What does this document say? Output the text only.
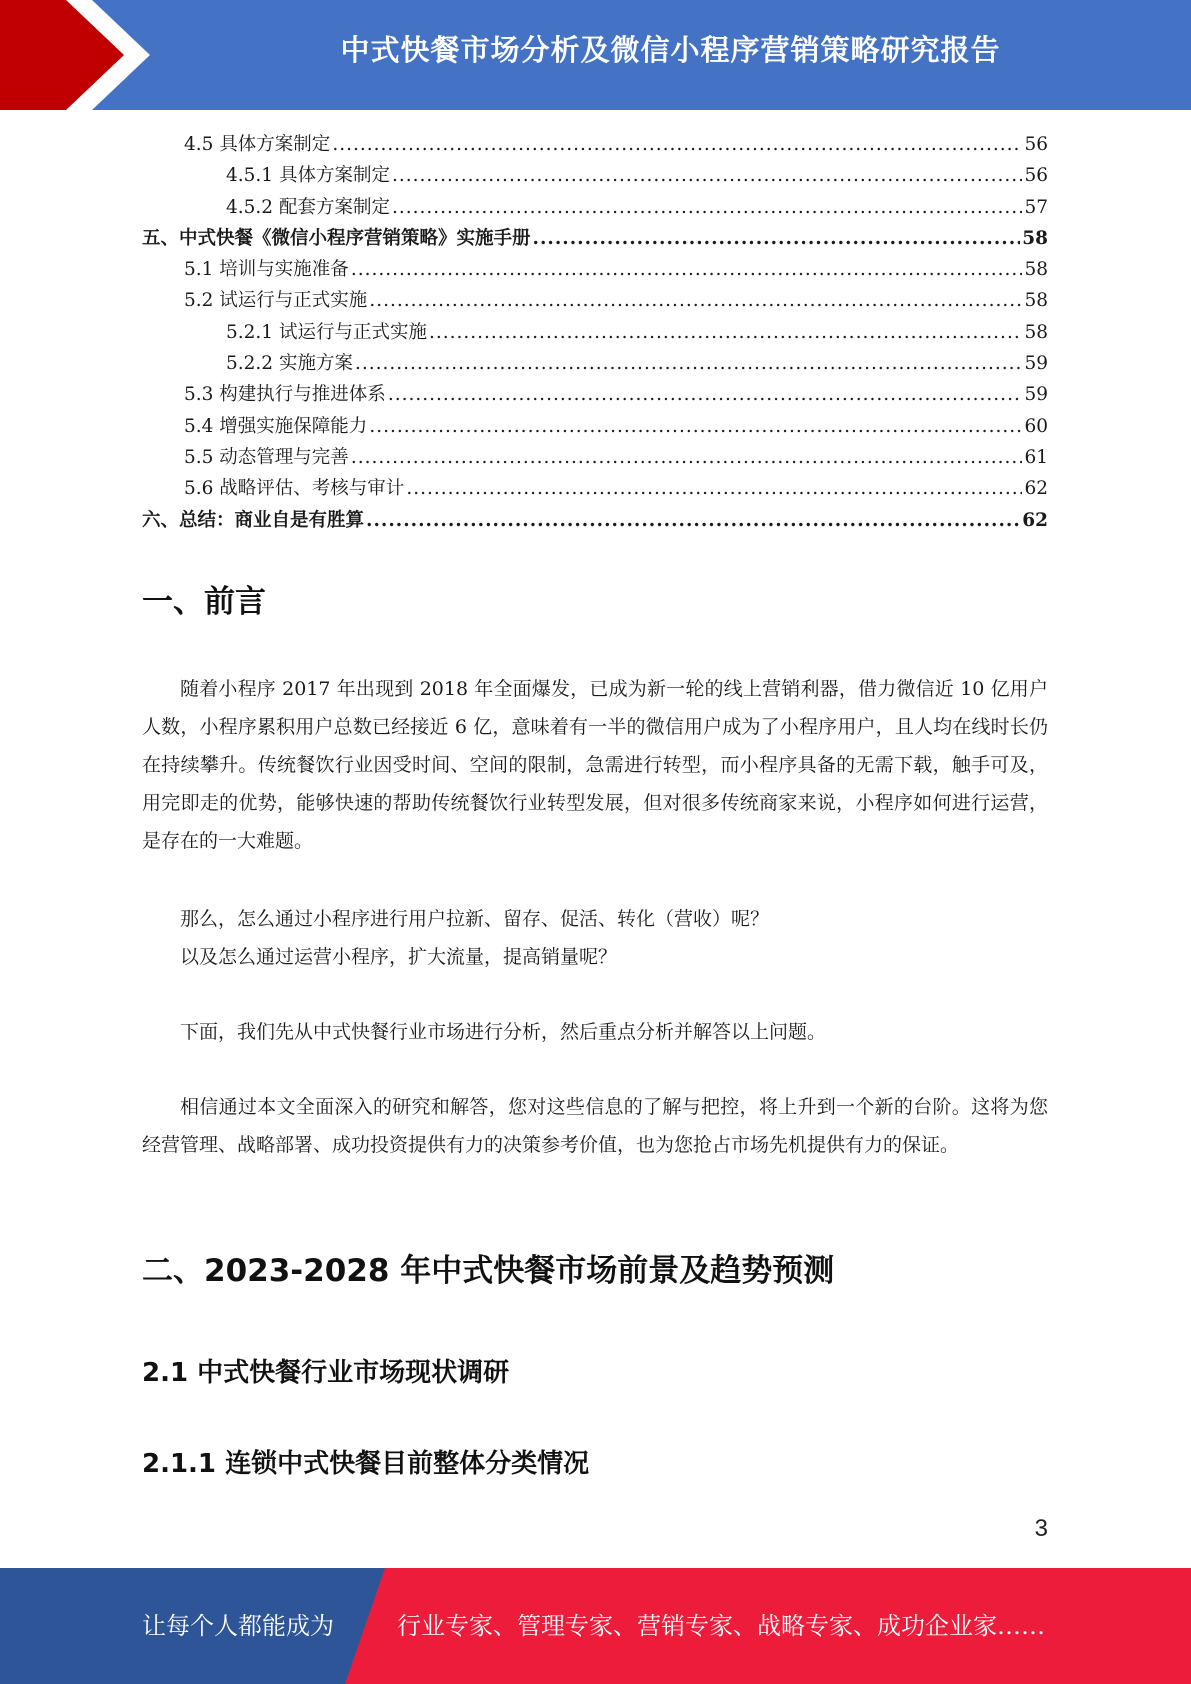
中式快餐市场分析及微信小程序营销策略研究报告
4.5 具体方案制定 .....	56
4.5.1 具体方案制定 .....	56
4.5.2 配套方案制定 .....	57
五、中式快餐《微信小程序营销策略》实施手册 .....	58
5.1 培训与实施准备 .....	58
5.2 试运行与正式实施 .....	58
5.2.1 试运行与正式实施 .....	58
5.2.2 实施方案 .....	59
5.3 构建执行与推进体系 .....	59
5.4 增强实施保障能力 .....	60
5.5 动态管理与完善 .....	61
5.6 战略评估、考核与审计 .....	62
六、总结：商业自是有胜算 .....	62
一、前言

随着小程序 2017 年出现到 2018 年全面爆发，已成为新一轮的线上营销利器，借力微信近 10 亿用户人数，小程序累积用户总数已经接近 6 亿，意味着有一半的微信用户成为了小程序用户，且人均在线时长仍在持续攀升。传统餐饮行业因受时间、空间的限制，急需进行转型，而小程序具备的无需下载，触手可及，用完即走的优势，能够快速的帮助传统餐饮行业转型发展，但对很多传统商家来说，小程序如何进行运营，是存在的一大难题。

那么，怎么通过小程序进行用户拉新、留存、促活、转化（营收）呢？

以及怎么通过运营小程序，扩大流量，提高销量呢？

下面，我们先从中式快餐行业市场进行分析，然后重点分析并解答以上问题。

相信通过本文全面深入的研究和解答，您对这些信息的了解与把控，将上升到一个新的台阶。这将为您经营管理、战略部署、成功投资提供有力的决策参考价值，也为您抢占市场先机提供有力的保证。

二、2023-2028 年中式快餐市场前景及趋势预测
2.1 中式快餐行业市场现状调研
2.1.1 连锁中式快餐目前整体分类情况
3
让每个人都能成为	行业专家、管理专家、营销专家、战略专家、成功企业家……
